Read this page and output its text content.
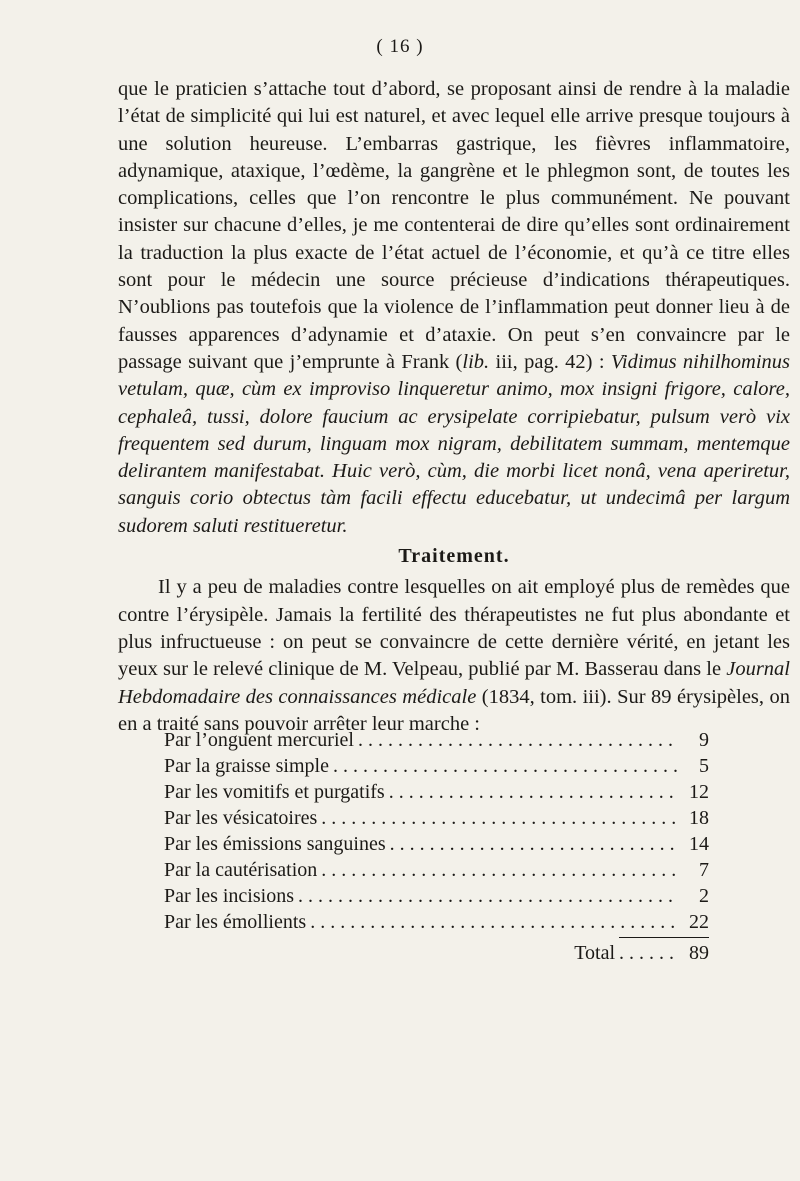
( 16 )

que le praticien s’attache tout d’abord, se proposant ainsi de rendre à la maladie l’état de simplicité qui lui est naturel, et avec lequel elle arrive presque toujours à une solution heureuse. L’embarras gastrique, les fièvres inflammatoire, adynamique, ataxique, l’œdème, la gangrène et le phlegmon sont, de toutes les complications, celles que l’on rencontre le plus communément. Ne pouvant insister sur chacune d’elles, je me contenterai de dire qu’elles sont ordinairement la traduction la plus exacte de l’état actuel de l’économie, et qu’à ce titre elles sont pour le médecin une source précieuse d’indications thérapeutiques. N’oublions pas toutefois que la violence de l’inflammation peut donner lieu à de fausses apparences d’adynamie et d’ataxie. On peut s’en convaincre par le passage suivant que j’emprunte à Frank (lib. iii, pag. 42) : Vidimus nihilhominus vetulam, quæ, cùm ex improviso linqueretur animo, mox insigni frigore, calore, cephaleâ, tussi, dolore faucium ac erysipelate corripiebatur, pulsum verò vix frequentem sed durum, linguam mox nigram, debilitatem summam, mentemque delirantem manifestabat. Huic verò, cùm, die morbi licet nonâ, vena aperiretur, sanguis corio obtectus tàm facili effectu educebatur, ut undecimâ per largum sudorem saluti restitueretur.

Traitement.

Il y a peu de maladies contre lesquelles on ait employé plus de remèdes que contre l’érysipèle. Jamais la fertilité des thérapeutistes ne fut plus abondante et plus infructueuse : on peut se convaincre de cette dernière vérité, en jetant les yeux sur le relevé clinique de M. Velpeau, publié par M. Basserau dans le Journal Hebdomadaire des connaissances médicale (1834, tom. iii). Sur 89 érysipèles, on en a traité sans pouvoir arrêter leur marche :

Par l’onguent mercuriel . . .	9
Par la graisse simple . . .	5
Par les vomitifs et purgatifs . . .	12
Par les vésicatoires . . .	18
Par les émissions sanguines . . .	14
Par la cautérisation . . .	7
Par les incisions . . .	2
Par les émollients . . .	22
Total . . .	89
